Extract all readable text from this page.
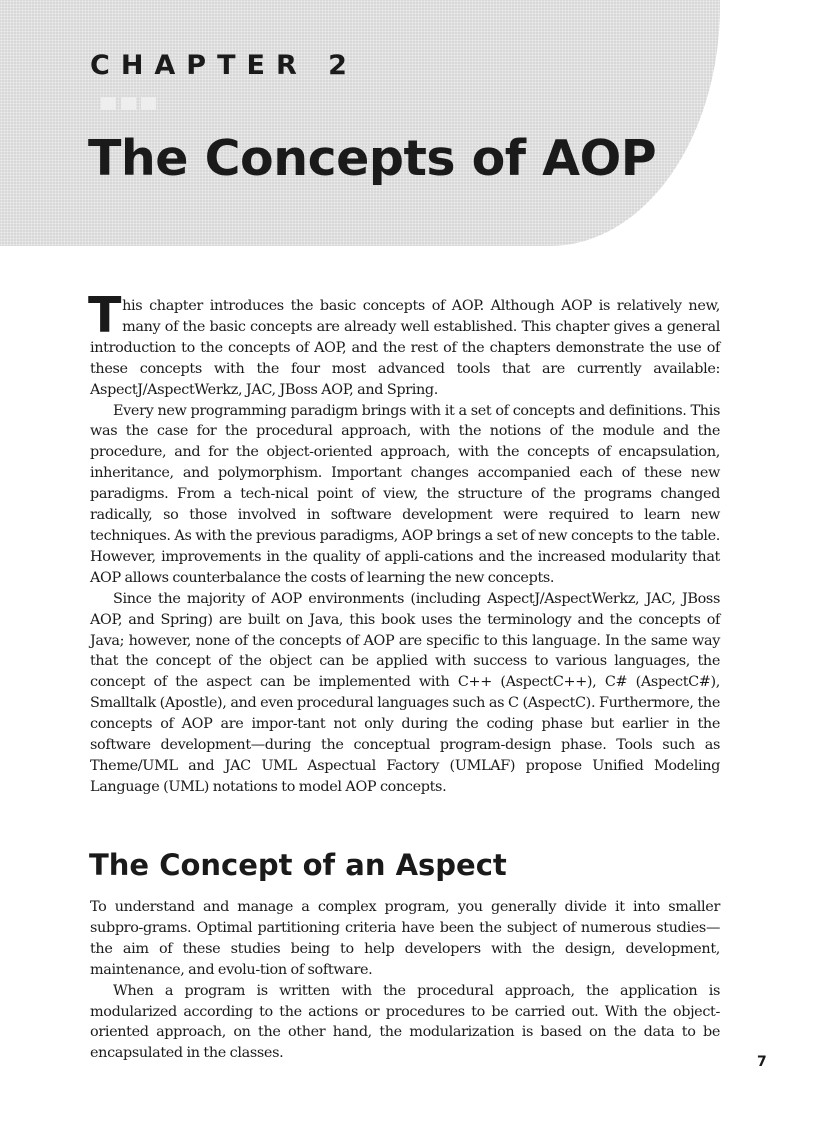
CHAPTER 2
The Concepts of AOP

This chapter introduces the basic concepts of AOP. Although AOP is relatively new, many of the basic concepts are already well established. This chapter gives a general introduction to the concepts of AOP, and the rest of the chapters demonstrate the use of these concepts with the four most advanced tools that are currently available: AspectJ/AspectWerkz, JAC, JBoss AOP, and Spring.

Every new programming paradigm brings with it a set of concepts and definitions. This was the case for the procedural approach, with the notions of the module and the procedure, and for the object-oriented approach, with the concepts of encapsulation, inheritance, and polymorphism. Important changes accompanied each of these new paradigms. From a tech-nical point of view, the structure of the programs changed radically, so those involved in software development were required to learn new techniques. As with the previous paradigms, AOP brings a set of new concepts to the table. However, improvements in the quality of appli-cations and the increased modularity that AOP allows counterbalance the costs of learning the new concepts.

Since the majority of AOP environments (including AspectJ/AspectWerkz, JAC, JBoss AOP, and Spring) are built on Java, this book uses the terminology and the concepts of Java; however, none of the concepts of AOP are specific to this language. In the same way that the concept of the object can be applied with success to various languages, the concept of the aspect can be implemented with C++ (AspectC++), C# (AspectC#), Smalltalk (Apostle), and even procedural languages such as C (AspectC). Furthermore, the concepts of AOP are impor-tant not only during the coding phase but earlier in the software development—during the conceptual program-design phase. Tools such as Theme/UML and JAC UML Aspectual Factory (UMLAF) propose Unified Modeling Language (UML) notations to model AOP concepts.

The Concept of an Aspect

To understand and manage a complex program, you generally divide it into smaller subpro-grams. Optimal partitioning criteria have been the subject of numerous studies—the aim of these studies being to help developers with the design, development, maintenance, and evolu-tion of software.

When a program is written with the procedural approach, the application is modularized according to the actions or procedures to be carried out. With the object-oriented approach, on the other hand, the modularization is based on the data to be encapsulated in the classes.

7
